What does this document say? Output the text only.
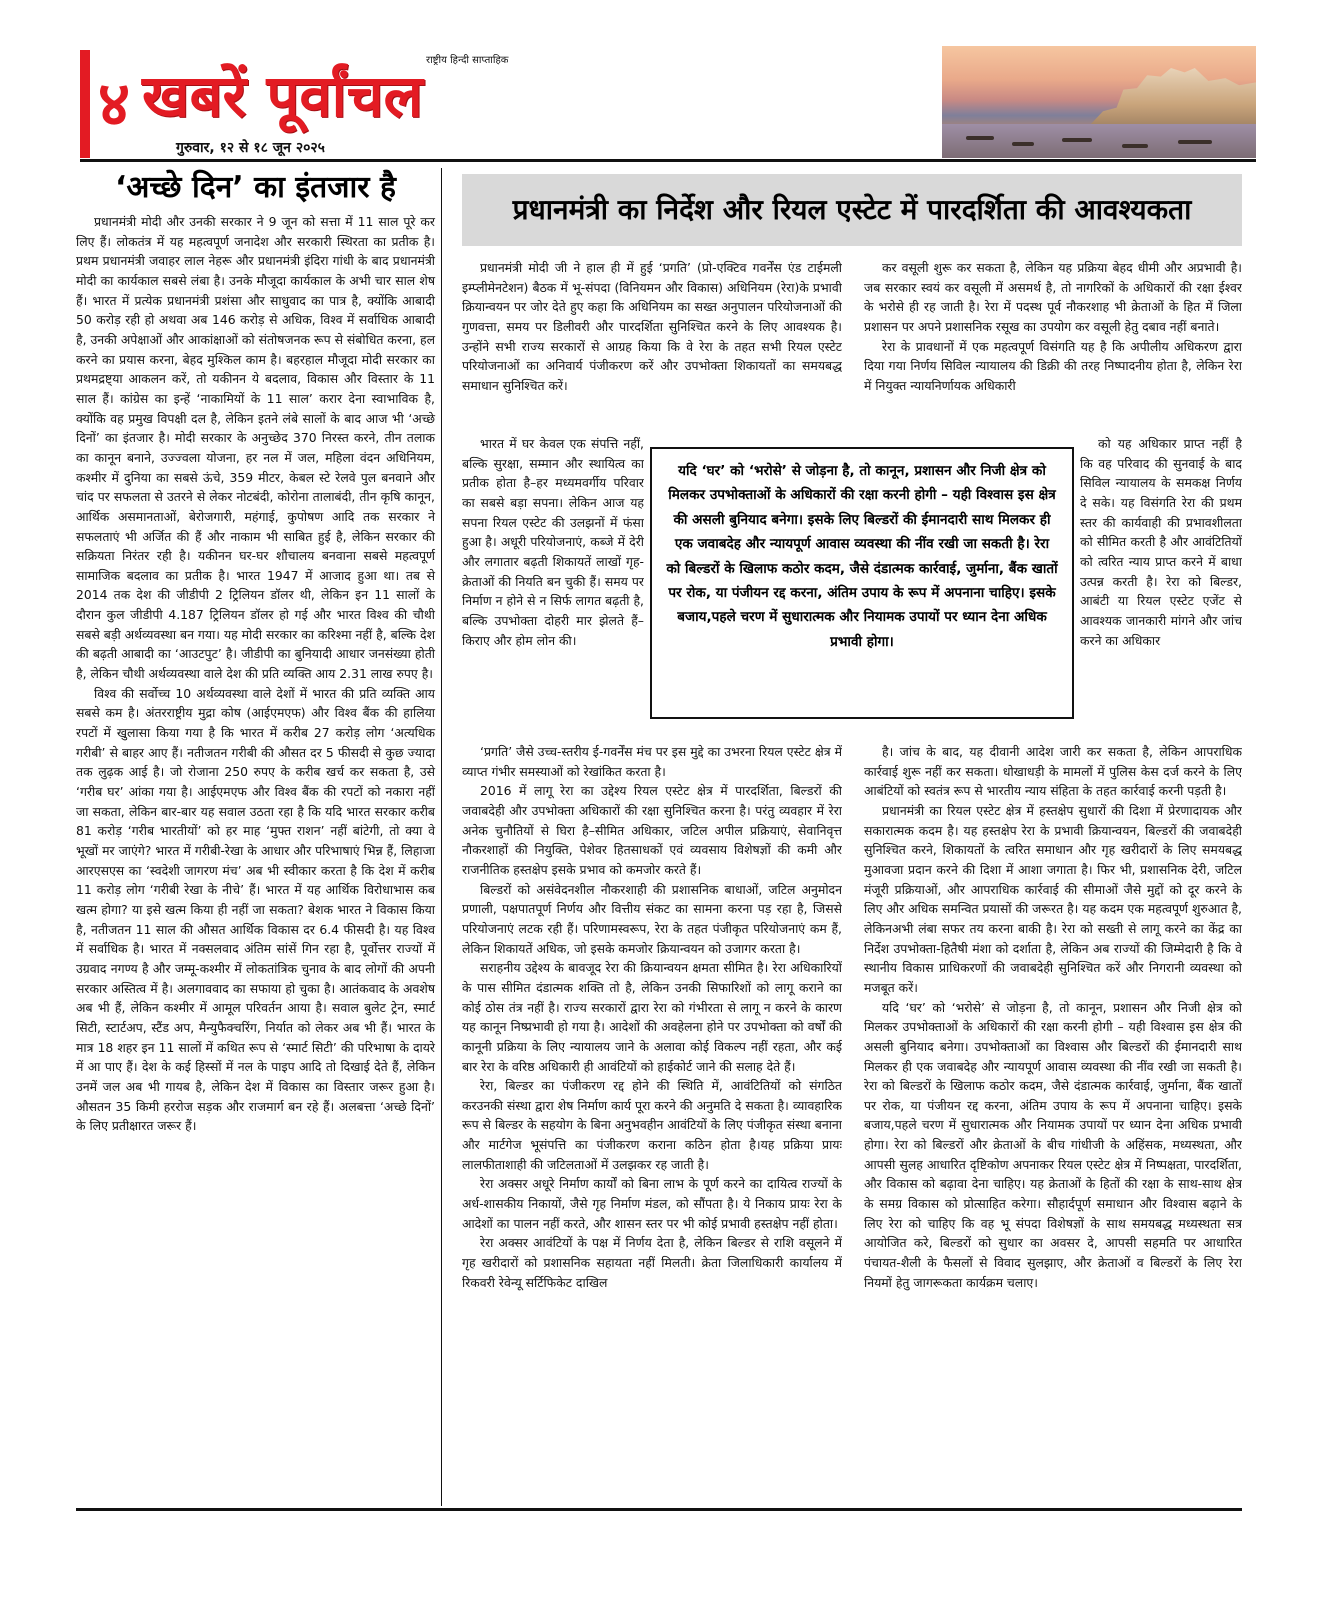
४
राष्ट्रीय हिन्दी साप्ताहिक
खबरें पूर्वांचल
गुरुवार, १२ से १८ जून २०२५
‘अच्छे दिन’ का इंतजार है

प्रधानमंत्री मोदी और उनकी सरकार ने 9 जून को सत्ता में 11 साल पूरे कर लिए हैं। लोकतंत्र में यह महत्वपूर्ण जनादेश और सरकारी स्थिरता का प्रतीक है। प्रथम प्रधानमंत्री जवाहर लाल नेहरू और प्रधानमंत्री इंदिरा गांधी के बाद प्रधानमंत्री मोदी का कार्यकाल सबसे लंबा है। उनके मौजूदा कार्यकाल के अभी चार साल शेष हैं। भारत में प्रत्येक प्रधानमंत्री प्रशंसा और साधुवाद का पात्र है, क्योंकि आबादी 50 करोड़ रही हो अथवा अब 146 करोड़ से अधिक, विश्व में सर्वाधिक आबादी है, उनकी अपेक्षाओं और आकांक्षाओं को संतोषजनक रूप से संबोधित करना, हल करने का प्रयास करना, बेहद मुश्किल काम है। बहरहाल मौजूदा मोदी सरकार का प्रथमद्रष्ट्या आकलन करें, तो यकीनन ये बदलाव, विकास और विस्तार के 11 साल हैं। कांग्रेस का इन्हें ‘नाकामियों के 11 साल’ करार देना स्वाभाविक है, क्योंकि वह प्रमुख विपक्षी दल है, लेकिन इतने लंबे सालों के बाद आज भी ‘अच्छे दिनों’ का इंतजार है। मोदी सरकार के अनुच्छेद 370 निरस्त करने, तीन तलाक का कानून बनाने, उज्ज्वला योजना, हर नल में जल, महिला वंदन अधिनियम, कश्मीर में दुनिया का सबसे ऊंचे, 359 मीटर, केबल स्टे रेलवे पुल बनवाने और चांद पर सफलता से उतरने से लेकर नोटबंदी, कोरोना तालाबंदी, तीन कृषि कानून, आर्थिक असमानताओं, बेरोजगारी, महंगाई, कुपोषण आदि तक सरकार ने सफलताएं भी अर्जित की हैं और नाकाम भी साबित हुई है, लेकिन सरकार की सक्रियता निरंतर रही है। यकीनन घर-घर शौचालय बनवाना सबसे महत्वपूर्ण सामाजिक बदलाव का प्रतीक है। भारत 1947 में आजाद हुआ था। तब से 2014 तक देश की जीडीपी 2 ट्रिलियन डॉलर थी, लेकिन इन 11 सालों के दौरान कुल जीडीपी 4.187 ट्रिलियन डॉलर हो गई और भारत विश्व की चौथी सबसे बड़ी अर्थव्यवस्था बन गया। यह मोदी सरकार का करिश्मा नहीं है, बल्कि देश की बढ़ती आबादी का ‘आउटपुट’ है। जीडीपी का बुनियादी आधार जनसंख्या होती है, लेकिन चौथी अर्थव्यवस्था वाले देश की प्रति व्यक्ति आय 2.31 लाख रुपए है।

विश्व की सर्वोच्च 10 अर्थव्यवस्था वाले देशों में भारत की प्रति व्यक्ति आय सबसे कम है। अंतरराष्ट्रीय मुद्रा कोष (आईएमएफ) और विश्व बैंक की हालिया रपटों में खुलासा किया गया है कि भारत में करीब 27 करोड़ लोग ‘अत्यधिक गरीबी’ से बाहर आए हैं। नतीजतन गरीबी की औसत दर 5 फीसदी से कुछ ज्यादा तक लुढ़क आई है। जो रोजाना 250 रुपए के करीब खर्च कर सकता है, उसे ‘गरीब घर’ आंका गया है। आईएमएफ और विश्व बैंक की रपटों को नकारा नहीं जा सकता, लेकिन बार-बार यह सवाल उठता रहा है कि यदि भारत सरकार करीब 81 करोड़ ‘गरीब भारतीयों’ को हर माह ‘मुफ्त राशन’ नहीं बांटेगी, तो क्या वे भूखों मर जाएंगे? भारत में गरीबी-रेखा के आधार और परिभाषाएं भिन्न हैं, लिहाजा आरएसएस का ‘स्वदेशी जागरण मंच’ अब भी स्वीकार करता है कि देश में करीब 11 करोड़ लोग ‘गरीबी रेखा के नीचे’ हैं। भारत में यह आर्थिक विरोधाभास कब खत्म होगा? या इसे खत्म किया ही नहीं जा सकता? बेशक भारत ने विकास किया है, नतीजतन 11 साल की औसत आर्थिक विकास दर 6.4 फीसदी है। यह विश्व में सर्वाधिक है। भारत में नक्सलवाद अंतिम सांसें गिन रहा है, पूर्वोत्तर राज्यों में उग्रवाद नगण्य है और जम्मू-कश्मीर में लोकतांत्रिक चुनाव के बाद लोगों की अपनी सरकार अस्तित्व में है। अलगाववाद का सफाया हो चुका है। आतंकवाद के अवशेष अब भी हैं, लेकिन कश्मीर में आमूल परिवर्तन आया है। सवाल बुलेट ट्रेन, स्मार्ट सिटी, स्टार्टअप, स्टैंड अप, मैन्युफैक्चरिंग, निर्यात को लेकर अब भी हैं। भारत के मात्र 18 शहर इन 11 सालों में कथित रूप से ‘स्मार्ट सिटी’ की परिभाषा के दायरे में आ पाए हैं। देश के कई हिस्सों में नल के पाइप आदि तो दिखाई देते हैं, लेकिन उनमें जल अब भी गायब है, लेकिन देश में विकास का विस्तार जरूर हुआ है। औसतन 35 किमी हररोज सड़क और राजमार्ग बन रहे हैं। अलबत्ता ‘अच्छे दिनों’ के लिए प्रतीक्षारत जरूर हैं।

प्रधानमंत्री का निर्देश और रियल एस्टेट में पारदर्शिता की आवश्यकता

प्रधानमंत्री मोदी जी ने हाल ही में हुई ‘प्रगति’ (प्रो-एक्टिव गवर्नेंस एंड टाईमली इम्प्लीमेनटेशन) बैठक में भू-संपदा (विनियमन और विकास) अधिनियम (रेरा)के प्रभावी क्रियान्वयन पर जोर देते हुए कहा कि अधिनियम का सख्त अनुपालन परियोजनाओं की गुणवत्ता, समय पर डिलीवरी और पारदर्शिता सुनिश्चित करने के लिए आवश्यक है। उन्होंने सभी राज्य सरकारों से आग्रह किया कि वे रेरा के तहत सभी रियल एस्टेट परियोजनाओं का अनिवार्य पंजीकरण करें और उपभोक्ता शिकायतों का समयबद्ध समाधान सुनिश्चित करें।

भारत में घर केवल एक संपत्ति नहीं, बल्कि सुरक्षा, सम्मान और स्थायित्व का प्रतीक होता है–हर मध्यमवर्गीय परिवार का सबसे बड़ा सपना। लेकिन आज यह सपना रियल एस्टेट की उलझनों में फंसा हुआ है। अधूरी परियोजनाएं, कब्जे में देरी और लगातार बढ़ती शिकायतें लाखों गृह-क्रेताओं की नियति बन चुकी हैं। समय पर निर्माण न होने से न सिर्फ लागत बढ़ती है, बल्कि उपभोक्ता दोहरी मार झेलते हैं–किराए और होम लोन की।

‘प्रगति’ जैसे उच्च-स्तरीय ई-गवर्नेंस मंच पर इस मुद्दे का उभरना रियल एस्टेट क्षेत्र में व्याप्त गंभीर समस्याओं को रेखांकित करता है।

2016 में लागू रेरा का उद्देश्य रियल एस्टेट क्षेत्र में पारदर्शिता, बिल्डरों की जवाबदेही और उपभोक्ता अधिकारों की रक्षा सुनिश्चित करना है। परंतु व्यवहार में रेरा अनेक चुनौतियों से घिरा है–सीमित अधिकार, जटिल अपील प्रक्रियाएं, सेवानिवृत्त नौकरशाहों की नियुक्ति, पेशेवर हितसाधकों एवं व्यवसाय विशेषज्ञों की कमी और राजनीतिक हस्तक्षेप इसके प्रभाव को कमजोर करते हैं।

बिल्डरों को असंवेदनशील नौकरशाही की प्रशासनिक बाधाओं, जटिल अनुमोदन प्रणाली, पक्षपातपूर्ण निर्णय और वित्तीय संकट का सामना करना पड़ रहा है, जिससे परियोजनाएं लटक रही हैं। परिणामस्वरूप, रेरा के तहत पंजीकृत परियोजनाएं कम हैं, लेकिन शिकायतें अधिक, जो इसके कमजोर क्रियान्वयन को उजागर करता है।

सराहनीय उद्देश्य के बावजूद रेरा की क्रियान्वयन क्षमता सीमित है। रेरा अधिकारियों के पास सीमित दंडात्मक शक्ति तो है, लेकिन उनकी सिफारिशों को लागू कराने का कोई ठोस तंत्र नहीं है। राज्य सरकारों द्वारा रेरा को गंभीरता से लागू न करने के कारण यह कानून निष्प्रभावी हो गया है। आदेशों की अवहेलना होने पर उपभोक्ता को वर्षों की कानूनी प्रक्रिया के लिए न्यायालय जाने के अलावा कोई विकल्प नहीं रहता, और कई बार रेरा के वरिष्ठ अधिकारी ही आवंटियों को हाईकोर्ट जाने की सलाह देते हैं।

रेरा, बिल्डर का पंजीकरण रद्द होने की स्थिति में, आवंटितियों को संगठित करउनकी संस्था द्वारा शेष निर्माण कार्य पूरा करने की अनुमति दे सकता है। व्यावहारिक रूप से बिल्डर के सहयोग के बिना अनुभवहीन आवंटियों के लिए पंजीकृत संस्था बनाना और मार्टगेज भूसंपत्ति का पंजीकरण कराना कठिन होता है।यह प्रक्रिया प्रायः लालफीताशाही की जटिलताओं में उलझकर रह जाती है।

रेरा अक्सर अधूरे निर्माण कार्यों को बिना लाभ के पूर्ण करने का दायित्व राज्यों के अर्ध-शासकीय निकायों, जैसे गृह निर्माण मंडल, को सौंपता है। ये निकाय प्रायः रेरा के आदेशों का पालन नहीं करते, और शासन स्तर पर भी कोई प्रभावी हस्तक्षेप नहीं होता।

रेरा अक्सर आवंटियों के पक्ष में निर्णय देता है, लेकिन बिल्डर से राशि वसूलने में गृह खरीदारों को प्रशासनिक सहायता नहीं मिलती। क्रेता जिलाधिकारी कार्यालय में रिकवरी रेवेन्यू सर्टिफिकेट दाखिल

कर वसूली शुरू कर सकता है, लेकिन यह प्रक्रिया बेहद धीमी और अप्रभावी है। जब सरकार स्वयं कर वसूली में असमर्थ है, तो नागरिकों के अधिकारों की रक्षा ईश्वर के भरोसे ही रह जाती है। रेरा में पदस्थ पूर्व नौकरशाह भी क्रेताओं के हित में जिला प्रशासन पर अपने प्रशासनिक रसूख का उपयोग कर वसूली हेतु दबाव नहीं बनाते।

रेरा के प्रावधानों में एक महत्वपूर्ण विसंगति यह है कि अपीलीय अधिकरण द्वारा दिया गया निर्णय सिविल न्यायालय की डिक्री की तरह निष्पादनीय होता है, लेकिन रेरा में नियुक्त न्यायनिर्णायक अधिकारी

को यह अधिकार प्राप्त नहीं है कि वह परिवाद की सुनवाई के बाद सिविल न्यायालय के समकक्ष निर्णय दे सके। यह विसंगति रेरा की प्रथम स्तर की कार्यवाही की प्रभावशीलता को सीमित करती है और आवंटितियों को त्वरित न्याय प्राप्त करने में बाधा उत्पन्न करती है। रेरा को बिल्डर, आबंटी या रियल एस्टेट एजेंट से आवश्यक जानकारी मांगने और जांच करने का अधिकार

है। जांच के बाद, यह दीवानी आदेश जारी कर सकता है, लेकिन आपराधिक कार्रवाई शुरू नहीं कर सकता। धोखाधड़ी के मामलों में पुलिस केस दर्ज करने के लिए आबंटियों को स्वतंत्र रूप से भारतीय न्याय संहिता के तहत कार्रवाई करनी पड़ती है।

प्रधानमंत्री का रियल एस्टेट क्षेत्र में हस्तक्षेप सुधारों की दिशा में प्रेरणादायक और सकारात्मक कदम है। यह हस्तक्षेप रेरा के प्रभावी क्रियान्वयन, बिल्डरों की जवाबदेही सुनिश्चित करने, शिकायतों के त्वरित समाधान और गृह खरीदारों के लिए समयबद्ध मुआवजा प्रदान करने की दिशा में आशा जगाता है। फिर भी, प्रशासनिक देरी, जटिल मंजूरी प्रक्रियाओं, और आपराधिक कार्रवाई की सीमाओं जैसे मुद्दों को दूर करने के लिए और अधिक समन्वित प्रयासों की जरूरत है। यह कदम एक महत्वपूर्ण शुरुआत है, लेकिनअभी लंबा सफर तय करना बाकी है। रेरा को सख्ती से लागू करने का केंद्र का निर्देश उपभोक्ता-हितैषी मंशा को दर्शाता है, लेकिन अब राज्यों की जिम्मेदारी है कि वे स्थानीय विकास प्राधिकरणों की जवाबदेही सुनिश्चित करें और निगरानी व्यवस्था को मजबूत करें।

यदि ‘घर’ को ‘भरोसे’ से जोड़ना है, तो कानून, प्रशासन और निजी क्षेत्र को मिलकर उपभोक्ताओं के अधिकारों की रक्षा करनी होगी – यही विश्वास इस क्षेत्र की असली बुनियाद बनेगा। उपभोक्ताओं का विश्वास और बिल्डरों की ईमानदारी साथ मिलकर ही एक जवाबदेह और न्यायपूर्ण आवास व्यवस्था की नींव रखी जा सकती है। रेरा को बिल्डरों के खिलाफ कठोर कदम, जैसे दंडात्मक कार्रवाई, जुर्माना, बैंक खातों पर रोक, या पंजीयन रद्द करना, अंतिम उपाय के रूप में अपनाना चाहिए। इसके बजाय,पहले चरण में सुधारात्मक और नियामक उपायों पर ध्यान देना अधिक प्रभावी होगा। रेरा को बिल्डरों और क्रेताओं के बीच गांधीजी के अहिंसक, मध्यस्थता, और आपसी सुलह आधारित दृष्टिकोण अपनाकर रियल एस्टेट क्षेत्र में निष्पक्षता, पारदर्शिता, और विकास को बढ़ावा देना चाहिए। यह क्रेताओं के हितों की रक्षा के साथ-साथ क्षेत्र के समग्र विकास को प्रोत्साहित करेगा। सौहार्दपूर्ण समाधान और विश्वास बढ़ाने के लिए रेरा को चाहिए कि वह भू संपदा विशेषज्ञों के साथ समयबद्ध मध्यस्थता सत्र आयोजित करे, बिल्डरों को सुधार का अवसर दे, आपसी सहमति पर आधारित पंचायत-शैली के फैसलों से विवाद सुलझाए, और क्रेताओं व बिल्डरों के लिए रेरा नियमों हेतु जागरूकता कार्यक्रम चलाए।

यदि ‘घर’ को ‘भरोसे’ से जोड़ना है, तो कानून, प्रशासन और निजी क्षेत्र को मिलकर उपभोक्ताओं के अधिकारों की रक्षा करनी होगी – यही विश्वास इस क्षेत्र की असली बुनियाद बनेगा। इसके लिए बिल्डरों की ईमानदारी साथ मिलकर ही एक जवाबदेह और न्यायपूर्ण आवास व्यवस्था की नींव रखी जा सकती है। रेरा को बिल्डरों के खिलाफ कठोर कदम, जैसे दंडात्मक कार्रवाई, जुर्माना, बैंक खातों पर रोक, या पंजीयन रद्द करना, अंतिम उपाय के रूप में अपनाना चाहिए। इसके बजाय,पहले चरण में सुधारात्मक और नियामक उपायों पर ध्यान देना अधिक प्रभावी होगा।
